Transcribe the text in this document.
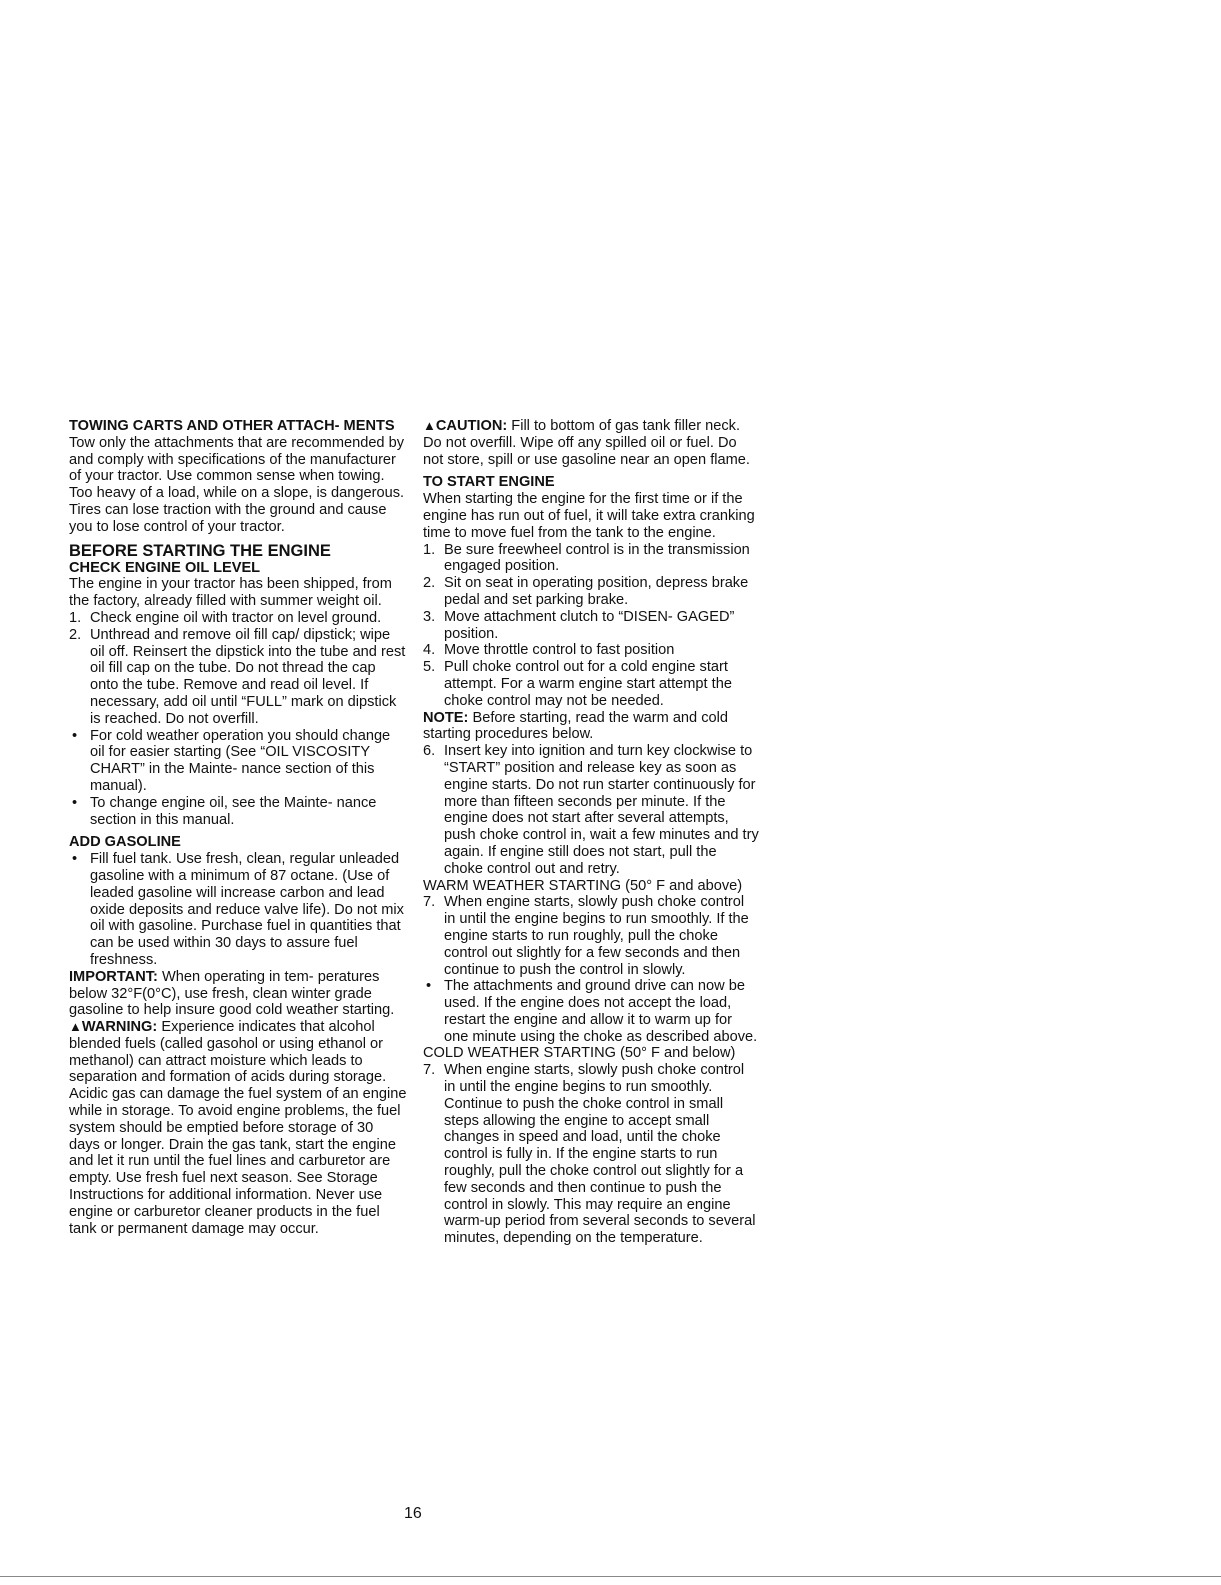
TOWING CARTS AND OTHER ATTACH- MENTS

Tow only the attachments that are recommended by and comply with specifications of the manufacturer of your tractor. Use common sense when towing. Too heavy of a load, while on a slope, is dangerous. Tires can lose traction with the ground and cause you to lose control of your tractor.

BEFORE STARTING THE ENGINE
CHECK ENGINE OIL LEVEL

The engine in your tractor has been shipped, from the factory, already filled with summer weight oil.

1. Check engine oil with tractor on level ground.
2. Unthread and remove oil fill cap/ dipstick; wipe oil off. Reinsert the dipstick into the tube and rest oil fill cap on the tube. Do not thread the cap onto the tube. Remove and read oil level. If necessary, add oil until “FULL” mark on dipstick is reached. Do not overfill.
• For cold weather operation you should change oil for easier starting (See “OIL VISCOSITY CHART” in the Mainte- nance section of this manual).
• To change engine oil, see the Mainte- nance section in this manual.
ADD GASOLINE
• Fill fuel tank. Use fresh, clean, regular unleaded gasoline with a minimum of 87 octane. (Use of leaded gasoline will increase carbon and lead oxide deposits and reduce valve life). Do not mix oil with gasoline. Purchase fuel in quantities that can be used within 30 days to assure fuel freshness.

IMPORTANT: When operating in tem- peratures below 32°F(0°C), use fresh, clean winter grade gasoline to help insure good cold weather starting.

▲WARNING: Experience indicates that alcohol blended fuels (called gasohol or using ethanol or methanol) can attract moisture which leads to separation and formation of acids during storage. Acidic gas can damage the fuel system of an engine while in storage. To avoid engine problems, the fuel system should be emptied before storage of 30 days or longer. Drain the gas tank, start the engine and let it run until the fuel lines and carburetor are empty. Use fresh fuel next season. See Storage Instructions for additional information. Never use engine or carburetor cleaner products in the fuel tank or permanent damage may occur.

▲CAUTION: Fill to bottom of gas tank filler neck. Do not overfill. Wipe off any spilled oil or fuel. Do not store, spill or use gasoline near an open flame.

TO START ENGINE

When starting the engine for the first time or if the engine has run out of fuel, it will take extra cranking time to move fuel from the tank to the engine.

1. Be sure freewheel control is in the transmission engaged position.
2. Sit on seat in operating position, depress brake pedal and set parking brake.
3. Move attachment clutch to “DISEN- GAGED” position.
4. Move throttle control to fast position
5. Pull choke control out for a cold engine start attempt. For a warm engine start attempt the choke control may not be needed.

NOTE: Before starting, read the warm and cold starting procedures below.

6. Insert key into ignition and turn key clockwise to “START” position and release key as soon as engine starts. Do not run starter continuously for more than fifteen seconds per minute. If the engine does not start after several attempts, push choke control in, wait a few minutes and try again. If engine still does not start, pull the choke control out and retry.

WARM WEATHER STARTING (50° F and above)

7. When engine starts, slowly push choke control in until the engine begins to run smoothly. If the engine starts to run roughly, pull the choke control out slightly for a few seconds and then continue to push the control in slowly.
• The attachments and ground drive can now be used. If the engine does not accept the load, restart the engine and allow it to warm up for one minute using the choke as described above.

COLD WEATHER STARTING (50° F and below)

7. When engine starts, slowly push choke control in until the engine begins to run smoothly. Continue to push the choke control in small steps allowing the engine to accept small changes in speed and load, until the choke control is fully in. If the engine starts to run roughly, pull the choke control out slightly for a few seconds and then continue to push the control in slowly. This may require an engine warm-up period from several seconds to several minutes, depending on the temperature.
16
